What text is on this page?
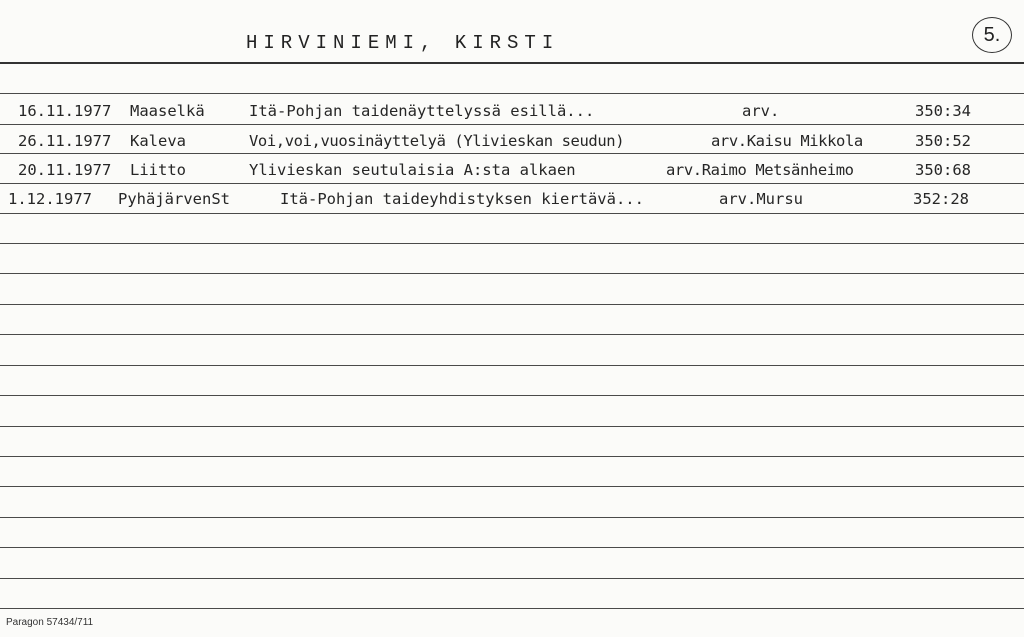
HIRVINIEMI, KIRSTI	5.
16.11.1977 Maaselkä	Itä-Pohjan taidenäyttelyssä esillä...	arv.	350:34
26.11.1977 Kaleva	Voi,voi,vuosinäyttelyä (Ylivieskan seudun)	arv.Kaisu Mikkola	350:52
20.11.1977 Liitto	Ylivieskan seutulaisia A:sta alkaen	arv.Raimo Metsänheimo	350:68
1.12.1977 PyhäjärvenSt	Itä-Pohjan taideyhdistyksen kiertävä...	arv.Mursu	352:28
Paragon 57434/711
